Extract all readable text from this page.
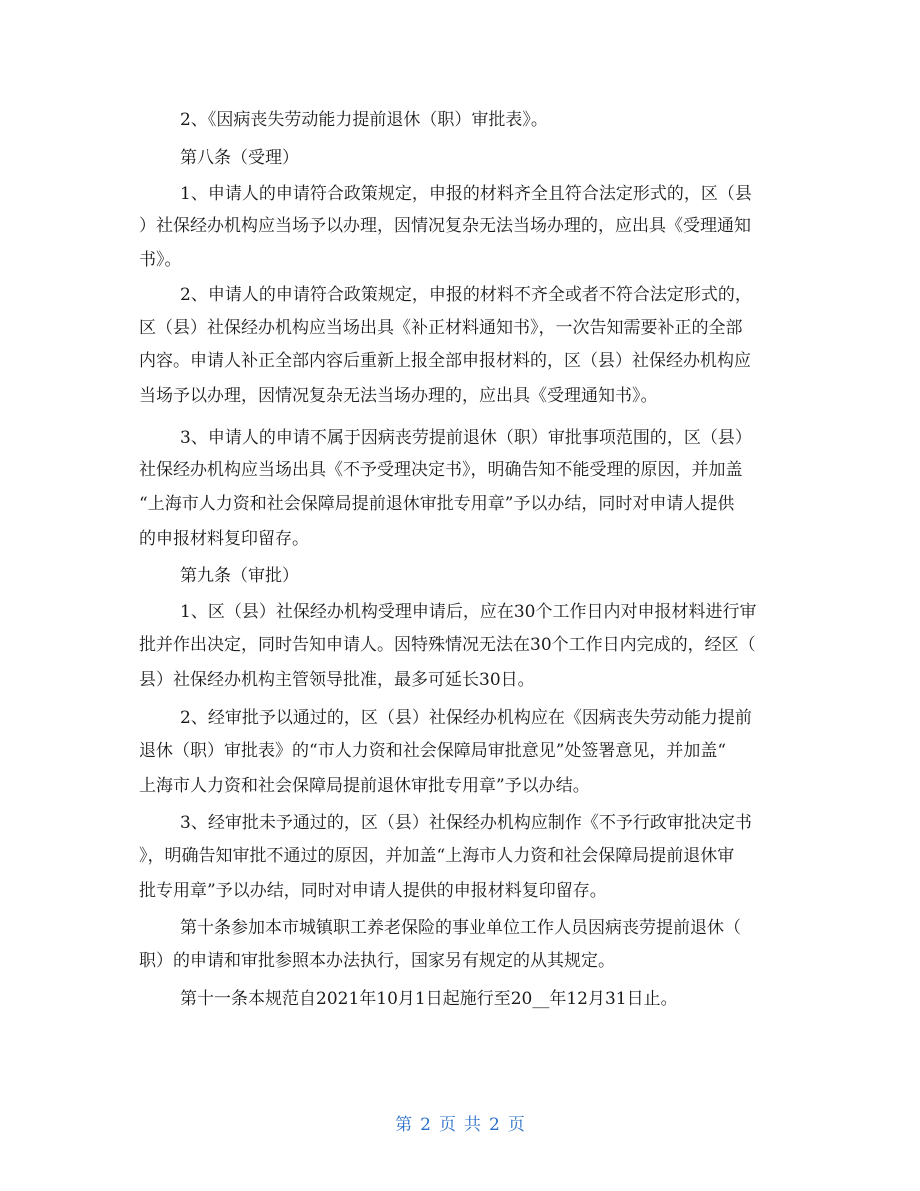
2、《因病丧失劳动能力提前退休（职）审批表》。
第八条（受理）
1、申请人的申请符合政策规定，申报的材料齐全且符合法定形式的，区（县
）社保经办机构应当场予以办理，因情况复杂无法当场办理的，应出具《受理通知
书》。
2、申请人的申请符合政策规定，申报的材料不齐全或者不符合法定形式的，
区（县）社保经办机构应当场出具《补正材料通知书》，一次告知需要补正的全部
内容。申请人补正全部内容后重新上报全部申报材料的，区（县）社保经办机构应
当场予以办理，因情况复杂无法当场办理的，应出具《受理通知书》。
3、申请人的申请不属于因病丧劳提前退休（职）审批事项范围的，区（县）
社保经办机构应当场出具《不予受理决定书》，明确告知不能受理的原因，并加盖
“上海市人力资和社会保障局提前退休审批专用章”予以办结，同时对申请人提供
的申报材料复印留存。
第九条（审批）
1、区（县）社保经办机构受理申请后，应在30个工作日内对申报材料进行审
批并作出决定，同时告知申请人。因特殊情况无法在30个工作日内完成的，经区（
县）社保经办机构主管领导批准，最多可延长30日。
2、经审批予以通过的，区（县）社保经办机构应在《因病丧失劳动能力提前
退休（职）审批表》的“市人力资和社会保障局审批意见”处签署意见，并加盖“
上海市人力资和社会保障局提前退休审批专用章”予以办结。
3、经审批未予通过的，区（县）社保经办机构应制作《不予行政审批决定书
》，明确告知审批不通过的原因，并加盖“上海市人力资和社会保障局提前退休审
批专用章”予以办结，同时对申请人提供的申报材料复印留存。
第十条参加本市城镇职工养老保险的事业单位工作人员因病丧劳提前退休（
职）的申请和审批参照本办法执行，国家另有规定的从其规定。
第十一条本规范自2021年10月1日起施行至20__年12月31日止。
第 2 页 共 2 页
